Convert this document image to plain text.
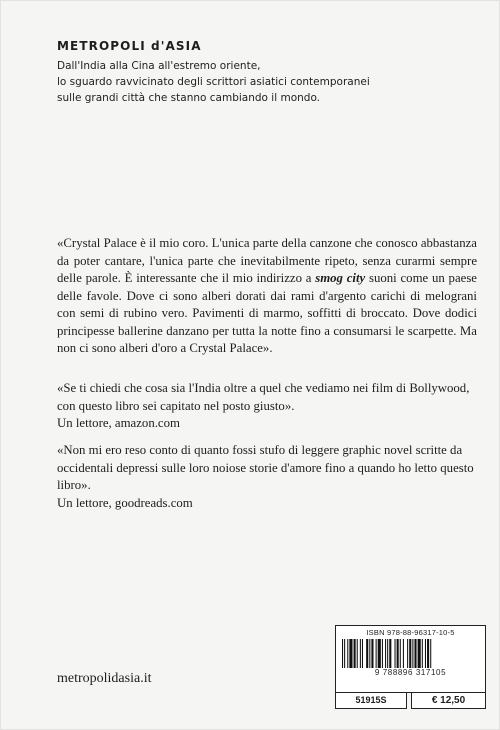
METROPOLI d'ASIA
Dall'India alla Cina all'estremo oriente,
lo sguardo ravvicinato degli scrittori asiatici contemporanei
sulle grandi città che stanno cambiando il mondo.

«Crystal Palace è il mio coro. L'unica parte della canzone che conosco abbastanza da poter cantare, l'unica parte che inevitabilmente ripeto, senza curarmi sempre delle parole. È interessante che il mio indirizzo a smog city suoni come un paese delle favole. Dove ci sono alberi dorati dai rami d'argento carichi di melograni con semi di rubino vero. Pavimenti di marmo, soffitti di broccato. Dove dodici principesse ballerine danzano per tutta la notte fino a consumarsi le scarpette. Ma non ci sono alberi d'oro a Crystal Palace».

«Se ti chiedi che cosa sia l'India oltre a quel che vediamo nei film di Bollywood, con questo libro sei capitato nel posto giusto».

Un lettore, amazon.com

«Non mi ero reso conto di quanto fossi stufo di leggere graphic novel scritte da occidentali depressi sulle loro noiose storie d'amore fino a quando ho letto questo libro».

Un lettore, goodreads.com

metropolidasia.it
ISBN 978-88-96317-10-5
9 788896 317105
51915S	€ 12,50
